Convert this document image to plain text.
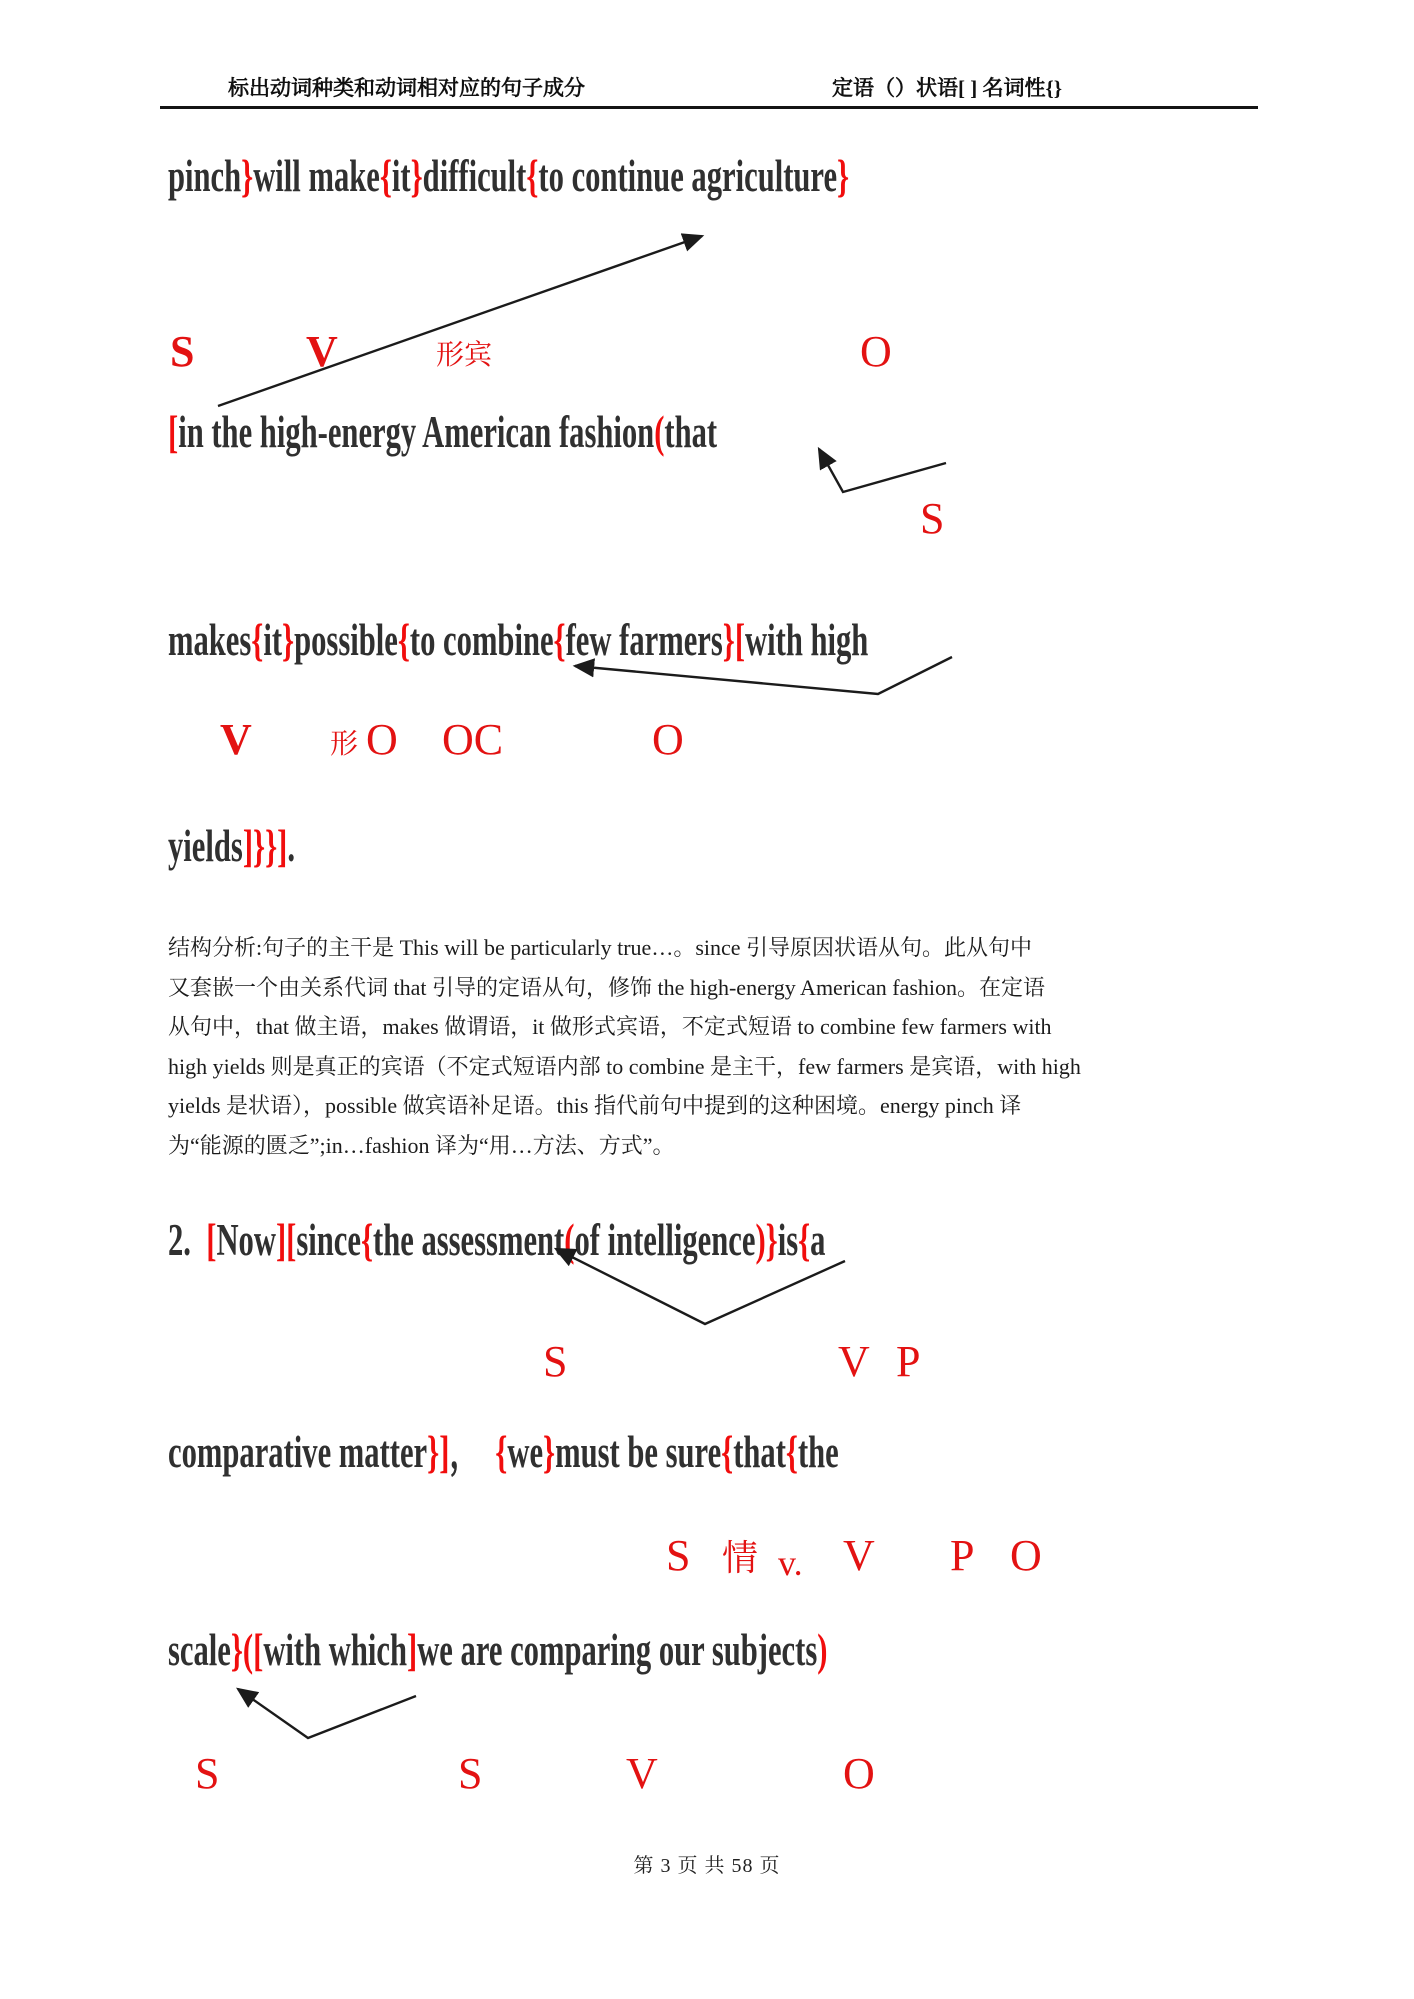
标出动词种类和动词相对应的句子成分	定语（）状语[ ] 名词性{}
pinch}will make{it}difficult{to continue agriculture}
S	V	形宾	O
[in the high-energy American fashion(that
S
makes{it}possible{to combine{few farmers}[with high
V	形 O OC	O
yields]}}].
结构分析:句子的主干是 This will be particularly true…。since 引导原因状语从句。此从句中
又套嵌一个由关系代词 that 引导的定语从句，修饰 the high-energy American fashion。在定语
从句中，that 做主语，makes 做谓语，it 做形式宾语，不定式短语 to combine few farmers with
high yields 则是真正的宾语（不定式短语内部 to combine 是主干，few farmers 是宾语，with high
yields 是状语），possible 做宾语补足语。this 指代前句中提到的这种困境。energy pinch 译
为“能源的匮乏”;in…fashion 译为“用…方法、方式”。
2.  [Now][since{the assessment(of intelligence)}is{a
S	V P
comparative matter}]，  {we}must be sure{that{the
S 情 v. V P O
scale}([with which]we are comparing our subjects)
S	S	V	O
第 3 页 共 58 页
